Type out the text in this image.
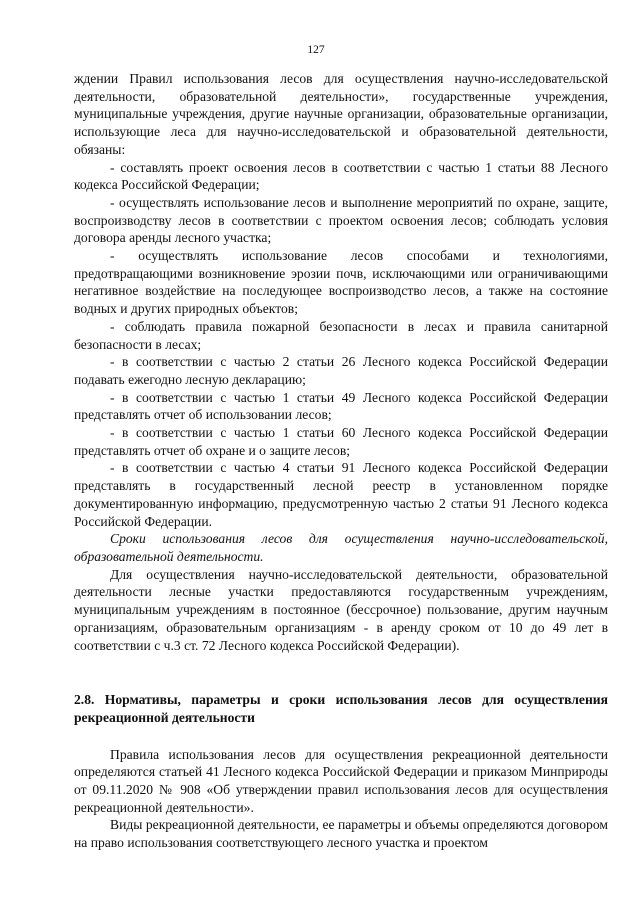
127

ждении Правил использования лесов для осуществления научно-исследовательской деятельности, образовательной деятельности», государственные учреждения, муниципальные учреждения, другие научные организации, образовательные организации, использующие леса для научно-исследовательской и образовательной деятельности, обязаны:

- составлять проект освоения лесов в соответствии с частью 1 статьи 88 Лесного кодекса Российской Федерации;

- осуществлять использование лесов и выполнение мероприятий по охране, защите, воспроизводству лесов в соответствии с проектом освоения лесов; соблюдать условия договора аренды лесного участка;

- осуществлять использование лесов способами и технологиями, предотвращающими возникновение эрозии почв, исключающими или ограничивающими негативное воздействие на последующее воспроизводство лесов, а также на состояние водных и других природных объектов;

- соблюдать правила пожарной безопасности в лесах и правила санитарной безопасности в лесах;

- в соответствии с частью 2 статьи 26 Лесного кодекса Российской Федерации подавать ежегодно лесную декларацию;

- в соответствии с частью 1 статьи 49 Лесного кодекса Российской Федерации представлять отчет об использовании лесов;

- в соответствии с частью 1 статьи 60 Лесного кодекса Российской Федерации представлять отчет об охране и о защите лесов;

- в соответствии с частью 4 статьи 91 Лесного кодекса Российской Федерации представлять в государственный лесной реестр в установленном порядке документированную информацию, предусмотренную частью 2 статьи 91 Лесного кодекса Российской Федерации.

Сроки использования лесов для осуществления научно-исследовательской, образовательной деятельности.

Для осуществления научно-исследовательской деятельности, образовательной деятельности лесные участки предоставляются государственным учреждениям, муниципальным учреждениям в постоянное (бессрочное) пользование, другим научным организациям, образовательным организациям - в аренду сроком от 10 до 49 лет в соответствии с ч.3 ст. 72 Лесного кодекса Российской Федерации).

2.8. Нормативы, параметры и сроки использования лесов для осуществления рекреационной деятельности

Правила использования лесов для осуществления рекреационной деятельности определяются статьей 41 Лесного кодекса Российской Федерации и приказом Минприроды от 09.11.2020 № 908 «Об утверждении правил использования лесов для осуществления рекреационной деятельности».

Виды рекреационной деятельности, ее параметры и объемы определяются договором на право использования соответствующего лесного участка и проектом
